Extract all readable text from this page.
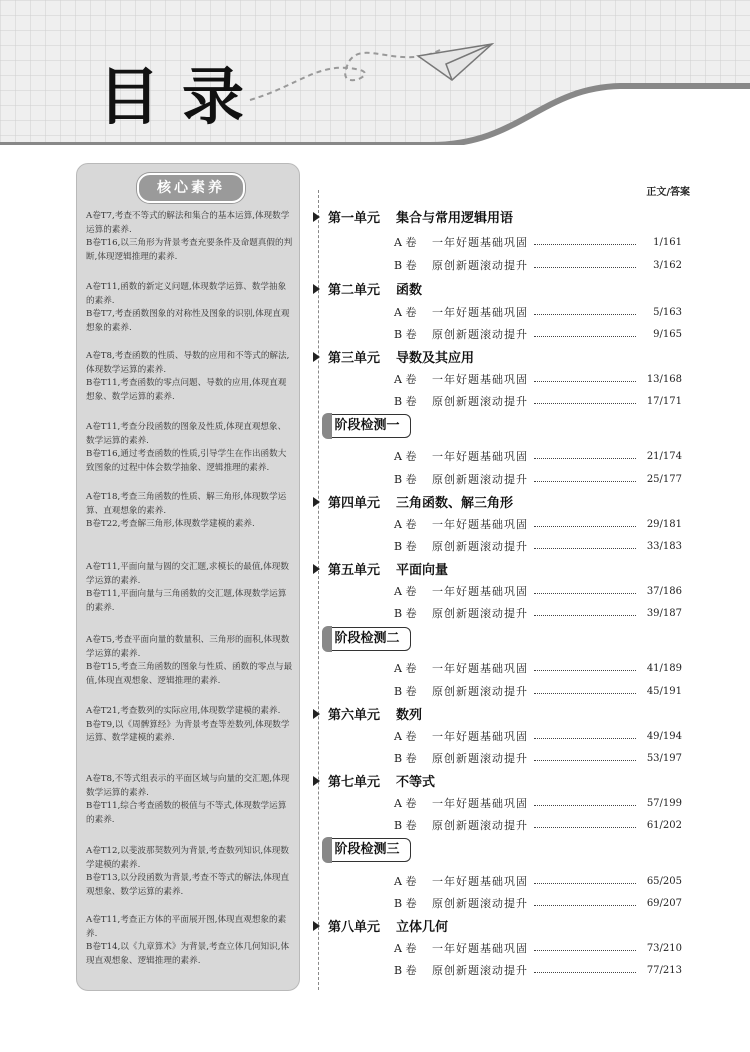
目录
核心素养
A卷T7,考查不等式的解法和集合的基本运算,体现数学运算的素养.
B卷T16,以三角形为背景考查充要条件及命题真假的判断,体现逻辑推理的素养.
A卷T11,函数的新定义问题,体现数学运算、数学抽象的素养.
B卷T7,考查函数图象的对称性及图象的识别,体现直观想象的素养.
A卷T8,考查函数的性质、导数的应用和不等式的解法,体现数学运算的素养.
B卷T11,考查函数的零点问题、导数的应用,体现直观想象、数学运算的素养.
A卷T11,考查分段函数的图象及性质,体现直观想象、数学运算的素养.
B卷T16,通过考查函数的性质,引导学生在作出函数大致图象的过程中体会数学抽象、逻辑推理的素养.
A卷T18,考查三角函数的性质、解三角形,体现数学运算、直观想象的素养.
B卷T22,考查解三角形,体现数学建模的素养.
A卷T11,平面向量与圆的交汇题,求模长的最值,体现数学运算的素养.
B卷T11,平面向量与三角函数的交汇题,体现数学运算的素养.
A卷T5,考查平面向量的数量积、三角形的面积,体现数学运算的素养.
B卷T15,考查三角函数的图象与性质、函数的零点与最值,体现直观想象、逻辑推理的素养.
A卷T21,考查数列的实际应用,体现数学建模的素养.
B卷T9,以《周髀算经》为背景考查等差数列,体现数学运算、数学建模的素养.
A卷T8,不等式组表示的平面区域与向量的交汇题,体现数学运算的素养.
B卷T11,综合考查函数的极值与不等式,体现数学运算的素养.
A卷T12,以斐波那契数列为背景,考查数列知识,体现数学建模的素养.
B卷T13,以分段函数为背景,考查不等式的解法,体现直观想象、数学运算的素养.
A卷T11,考查正方体的平面展开图,体现直观想象的素养.
B卷T14,以《九章算术》为背景,考查立体几何知识,体现直观想象、逻辑推理的素养.
正文/答案
第一单元	集合与常用逻辑用语
A 卷	一年好题基础巩固	1/161
B 卷	原创新题滚动提升	3/162
第二单元	函数
A 卷	一年好题基础巩固	5/163
B 卷	原创新题滚动提升	9/165
第三单元	导数及其应用
A 卷	一年好题基础巩固	13/168
B 卷	原创新题滚动提升	17/171
阶段检测一
A 卷	一年好题基础巩固	21/174
B 卷	原创新题滚动提升	25/177
第四单元	三角函数、解三角形
A 卷	一年好题基础巩固	29/181
B 卷	原创新题滚动提升	33/183
第五单元	平面向量
A 卷	一年好题基础巩固	37/186
B 卷	原创新题滚动提升	39/187
阶段检测二
A 卷	一年好题基础巩固	41/189
B 卷	原创新题滚动提升	45/191
第六单元	数列
A 卷	一年好题基础巩固	49/194
B 卷	原创新题滚动提升	53/197
第七单元	不等式
A 卷	一年好题基础巩固	57/199
B 卷	原创新题滚动提升	61/202
阶段检测三
A 卷	一年好题基础巩固	65/205
B 卷	原创新题滚动提升	69/207
第八单元	立体几何
A 卷	一年好题基础巩固	73/210
B 卷	原创新题滚动提升	77/213
